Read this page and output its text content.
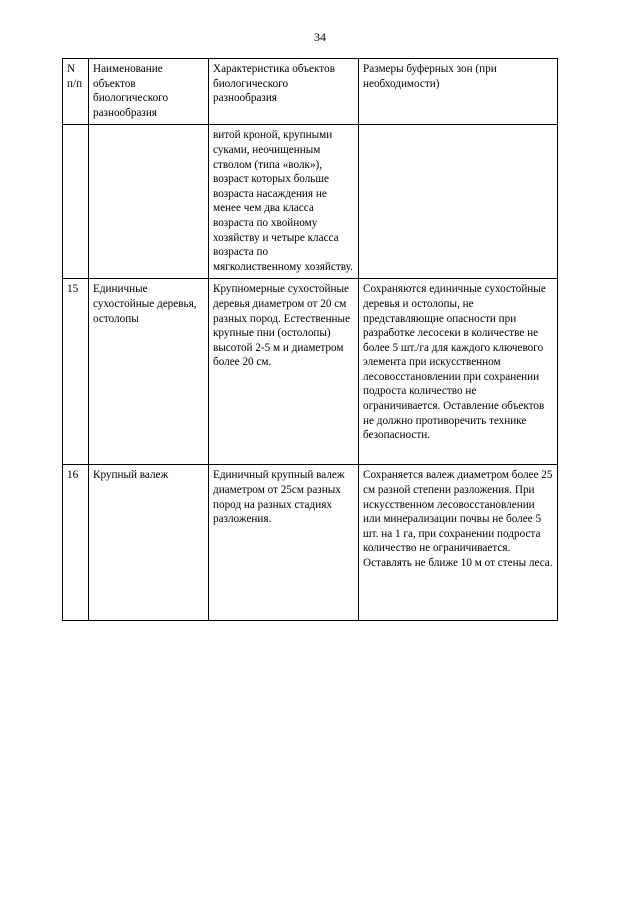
34
N п/п	Наименование объектов биологического разнообразия	Характеристика объектов биологического разнообразия	Размеры буферных зон (при необходимости)
		витой кроной, крупными суками, неочищенным стволом (типа «волк»), возраст которых больше возраста насаждения не менее чем два класса возраста по хвойному хозяйству и четыре класса возраста по мягколиственному хозяйству.	
15	Единичные сухостойные деревья, остолопы	Крупномерные сухостойные деревья диаметром от 20 см разных пород. Естественные крупные пни (остолопы) высотой 2-5 м и диаметром более 20 см.	Сохраняются единичные сухостойные деревья и остолопы, не представляющие опасности при разработке лесосеки в количестве не более 5 шт./га для каждого ключевого элемента при искусственном лесовосстановлении при сохранении подроста количество не ограничивается. Оставление объектов не должно противоречить технике безопасности.
16	Крупный валеж	Единичный крупный валеж диаметром от 25см разных пород на разных стадиях разложения.	Сохраняется валеж диаметром более 25 см разной степени разложения. При искусственном лесовосстановлении или минерализации почвы не более 5 шт. на 1 га, при сохранении подроста количество не ограничивается. Оставлять не ближе 10 м от стены леса.
